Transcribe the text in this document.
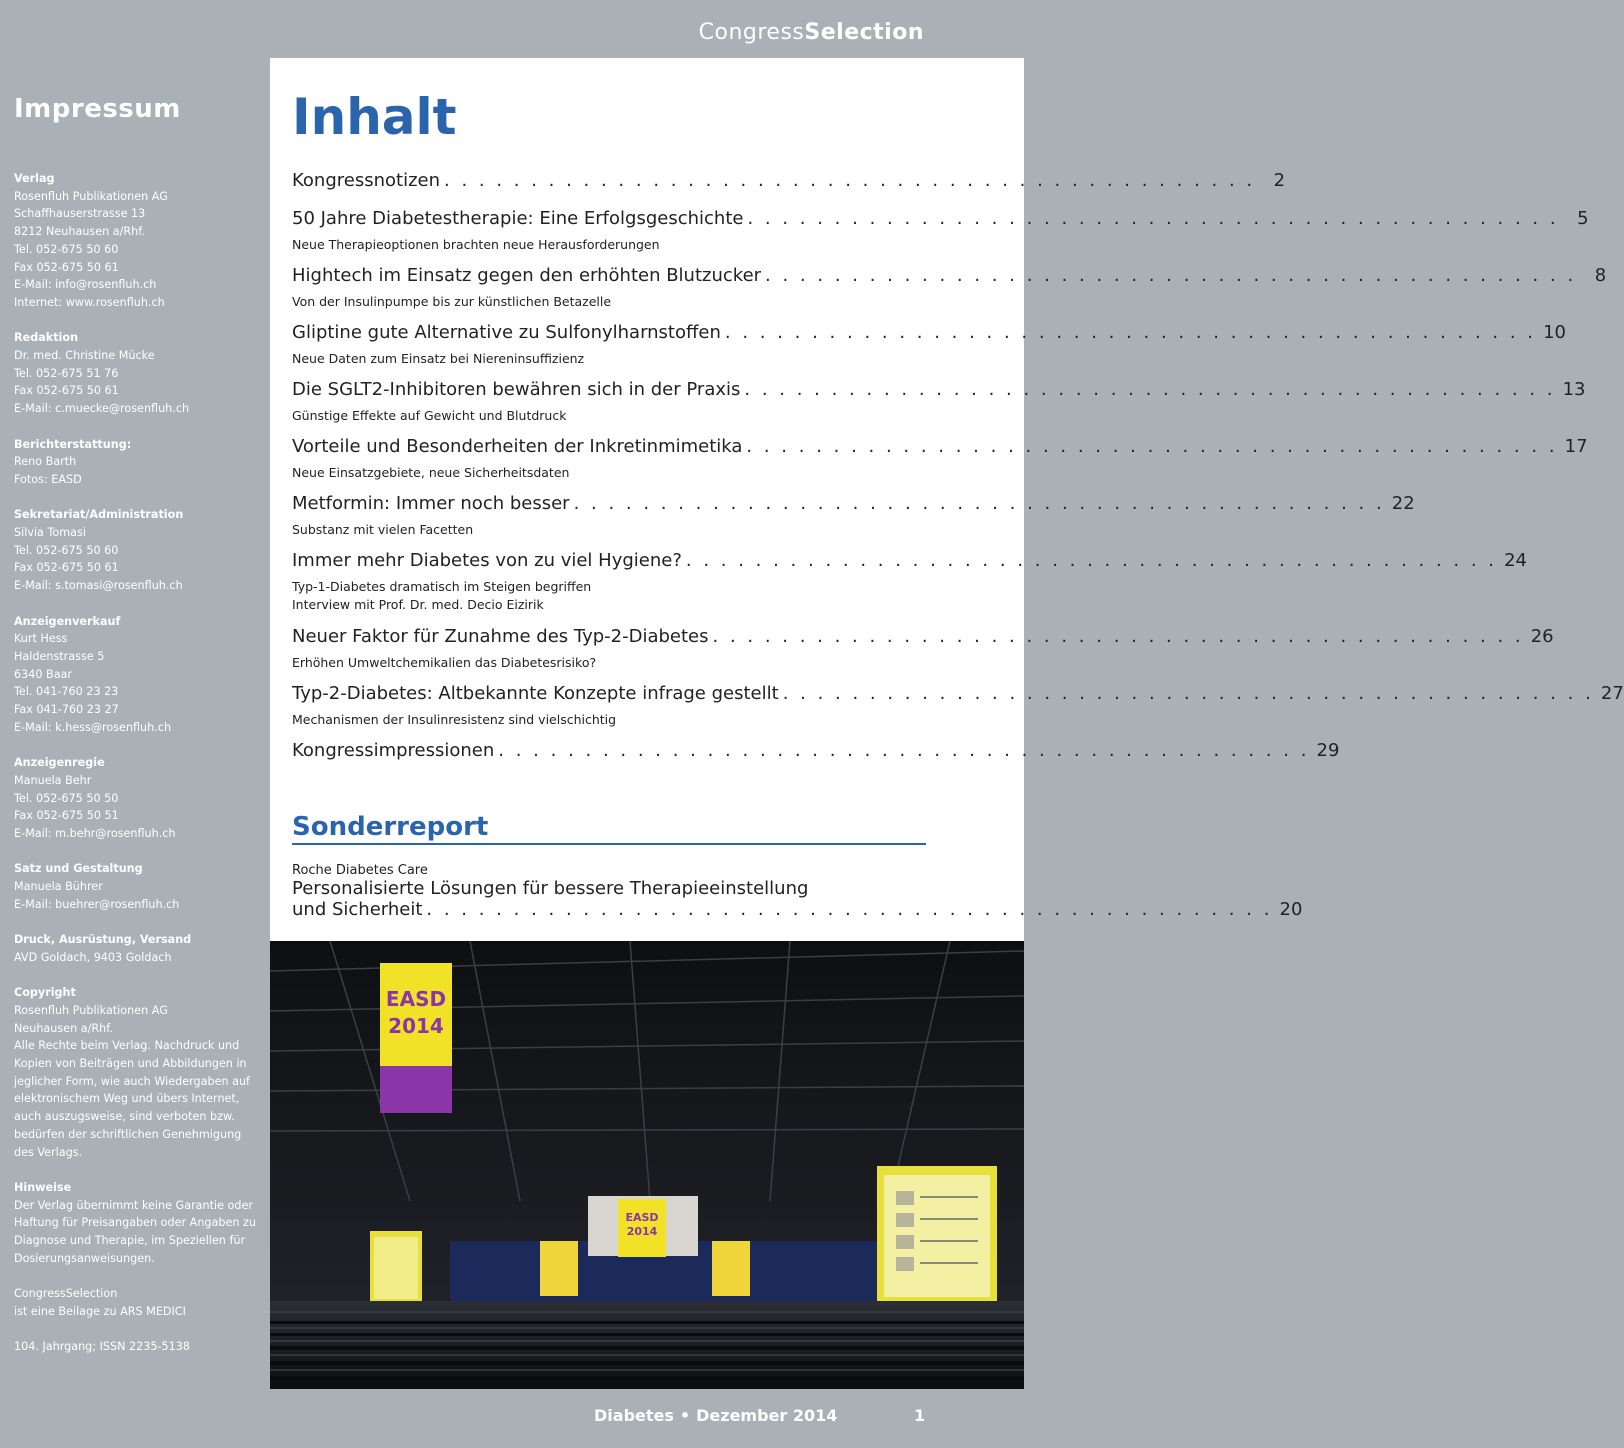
CongressSelection
Impressum
Verlag
Rosenfluh Publikationen AG
Schaffhauserstrasse 13
8212 Neuhausen a/Rhf.
Tel. 052-675 50 60
Fax 052-675 50 61
E-Mail: info@rosenfluh.ch
Internet: www.rosenfluh.ch
Redaktion
Dr. med. Christine Mücke
Tel. 052-675 51 76
Fax 052-675 50 61
E-Mail: c.muecke@rosenfluh.ch
Berichterstattung:
Reno Barth
Fotos: EASD
Sekretariat/Administration
Silvia Tomasi
Tel. 052-675 50 60
Fax 052-675 50 61
E-Mail: s.tomasi@rosenfluh.ch
Anzeigenverkauf
Kurt Hess
Haldenstrasse 5
6340 Baar
Tel. 041-760 23 23
Fax 041-760 23 27
E-Mail: k.hess@rosenfluh.ch
Anzeigenregie
Manuela Behr
Tel. 052-675 50 50
Fax 052-675 50 51
E-Mail: m.behr@rosenfluh.ch
Satz und Gestaltung
Manuela Bührer
E-Mail: buehrer@rosenfluh.ch
Druck, Ausrüstung, Versand
AVD Goldach, 9403 Goldach
Copyright
Rosenfluh Publikationen AG
Neuhausen a/Rhf.
Alle Rechte beim Verlag. Nachdruck und
Kopien von Beiträgen und Abbildungen in
jeglicher Form, wie auch Wiedergaben auf
elektronischem Weg und übers Internet,
auch auszugsweise, sind verboten bzw.
bedürfen der schriftlichen Genehmigung
des Verlags.
Hinweise
Der Verlag übernimmt keine Garantie oder
Haftung für Preisangaben oder Angaben zu
Diagnose und Therapie, im Speziellen für
Dosierungsanweisungen.
CongressSelection
ist eine Beilage zu ARS MEDICI
104. Jahrgang; ISSN 2235-5138
Inhalt
Kongressnotizen . . . . . . . . . . . . . . . . . . . . . . . . . . . . . . . . . . . . . . . . . . . . . . .	2
50 Jahre Diabetestherapie: Eine Erfolgsgeschichte . . . . . . . . . . . . . . . . . . . . . . . . . . . . . . . . . . . . . . . . . . . . . . .	5
Neue Therapieoptionen brachten neue Herausforderungen
Hightech im Einsatz gegen den erhöhten Blutzucker . . . . . . . . . . . . . . . . . . . . . . . . . . . . . . . . . . . . . . . . . . . . . . .	8
Von der Insulinpumpe bis zur künstlichen Betazelle
Gliptine gute Alternative zu Sulfonylharnstoffen . . . . . . . . . . . . . . . . . . . . . . . . . . . . . . . . . . . . . . . . . . . . . . . 10
Neue Daten zum Einsatz bei Niereninsuffizienz
Die SGLT2-Inhibitoren bewähren sich in der Praxis . . . . . . . . . . . . . . . . . . . . . . . . . . . . . . . . . . . . . . . . . . . . . . . 13
Günstige Effekte auf Gewicht und Blutdruck
Vorteile und Besonderheiten der Inkretinmimetika . . . . . . . . . . . . . . . . . . . . . . . . . . . . . . . . . . . . . . . . . . . . . . . 17
Neue Einsatzgebiete, neue Sicherheitsdaten
Metformin: Immer noch besser . . . . . . . . . . . . . . . . . . . . . . . . . . . . . . . . . . . . . . . . . . . . . . . 22
Substanz mit vielen Facetten
Immer mehr Diabetes von zu viel Hygiene? . . . . . . . . . . . . . . . . . . . . . . . . . . . . . . . . . . . . . . . . . . . . . . . 24
Typ-1-Diabetes dramatisch im Steigen begriffen
Interview mit Prof. Dr. med. Decio Eizirik
Neuer Faktor für Zunahme des Typ-2-Diabetes . . . . . . . . . . . . . . . . . . . . . . . . . . . . . . . . . . . . . . . . . . . . . . . 26
Erhöhen Umweltchemikalien das Diabetesrisiko?
Typ-2-Diabetes: Altbekannte Konzepte infrage gestellt . . . . . . . . . . . . . . . . . . . . . . . . . . . . . . . . . . . . . . . . . . . . . . . 27
Mechanismen der Insulinresistenz sind vielschichtig
Kongressimpressionen . . . . . . . . . . . . . . . . . . . . . . . . . . . . . . . . . . . . . . . . . . . . . . . 29
Sonderreport
Roche Diabetes Care
Personalisierte Lösungen für bessere Therapieeinstellung
und Sicherheit . . . . . . . . . . . . . . . . . . . . . . . . . . . . . . . . . . . . . . . . . . . . . . . . . 20
EASD
2014
EASD
2014
Diabetes • Dezember 2014	1
